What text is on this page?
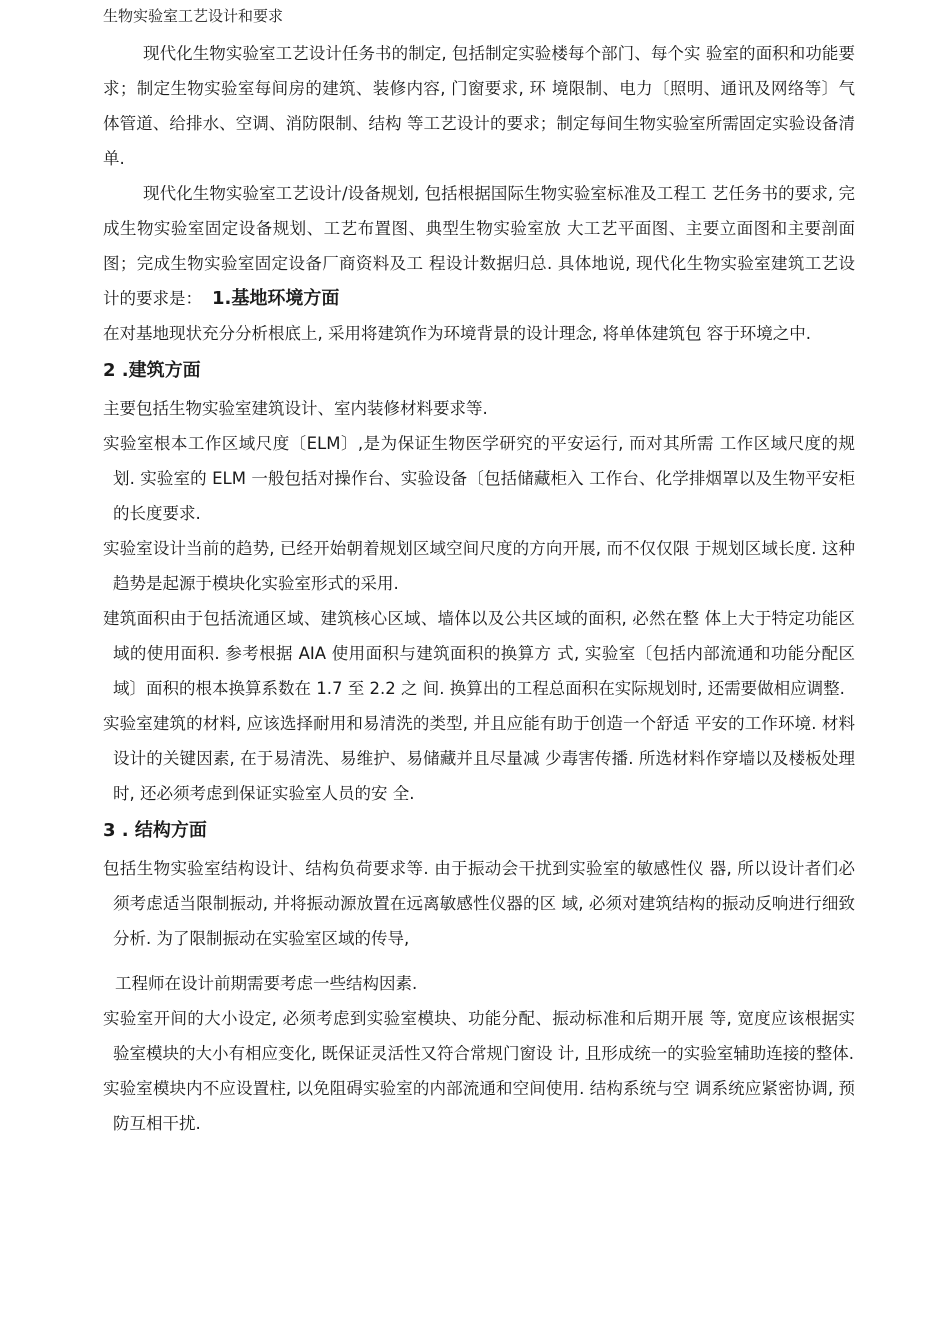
生物实验室工艺设计和要求

现代化生物实验室工艺设计任务书的制定, 包括制定实验楼每个部门、每个实 验室的面积和功能要求；制定生物实验室每间房的建筑、装修内容, 门窗要求, 环 境限制、电力〔照明、通讯及网络等〕气体管道、给排水、空调、消防限制、结构 等工艺设计的要求；制定每间生物实验室所需固定实验设备清单.

现代化生物实验室工艺设计/设备规划, 包括根据国际生物实验室标准及工程工 艺任务书的要求, 完成生物实验室固定设备规划、工艺布置图、典型生物实验室放 大工艺平面图、主要立面图和主要剖面图；完成生物实验室固定设备厂商资料及工 程设计数据归总. 具体地说, 现代化生物实验室建筑工艺设计的要求是： 1.基地环境方面

在对基地现状充分分析根底上, 采用将建筑作为环境背景的设计理念, 将单体建筑包 容于环境之中.

2 .建筑方面

主要包括生物实验室建筑设计、室内装修材料要求等.

实验室根本工作区域尺度〔ELM〕,是为保证生物医学研究的平安运行, 而对其所需 工作区域尺度的规划. 实验室的 ELM 一般包括对操作台、实验设备〔包括储藏柜入 工作台、化学排烟罩以及生物平安柜的长度要求.

实验室设计当前的趋势, 已经开始朝着规划区域空间尺度的方向开展, 而不仅仅限 于规划区域长度. 这种趋势是起源于模块化实验室形式的采用.

建筑面积由于包括流通区域、建筑核心区域、墙体以及公共区域的面积, 必然在整 体上大于特定功能区域的使用面积. 参考根据 AIA 使用面积与建筑面积的换算方 式, 实验室〔包括内部流通和功能分配区域〕面积的根本换算系数在 1.7 至 2.2 之 间. 换算出的工程总面积在实际规划时, 还需要做相应调整.

实验室建筑的材料, 应该选择耐用和易清洗的类型, 并且应能有助于创造一个舒适 平安的工作环境. 材料设计的关键因素, 在于易清洗、易维护、易储藏并且尽量减 少毒害传播. 所选材料作穿墙以及楼板处理时, 还必须考虑到保证实验室人员的安 全.

3 . 结构方面

包括生物实验室结构设计、结构负荷要求等. 由于振动会干扰到实验室的敏感性仪 器, 所以设计者们必须考虑适当限制振动, 并将振动源放置在远离敏感性仪器的区 域, 必须对建筑结构的振动反响进行细致分析. 为了限制振动在实验室区域的传导,

工程师在设计前期需要考虑一些结构因素.

实验室开间的大小设定, 必须考虑到实验室模块、功能分配、振动标准和后期开展 等, 宽度应该根据实验室模块的大小有相应变化, 既保证灵活性又符合常规门窗设 计, 且形成统一的实验室辅助连接的整体.

实验室模块内不应设置柱, 以免阻碍实验室的内部流通和空间使用. 结构系统与空 调系统应紧密协调, 预防互相干扰.
